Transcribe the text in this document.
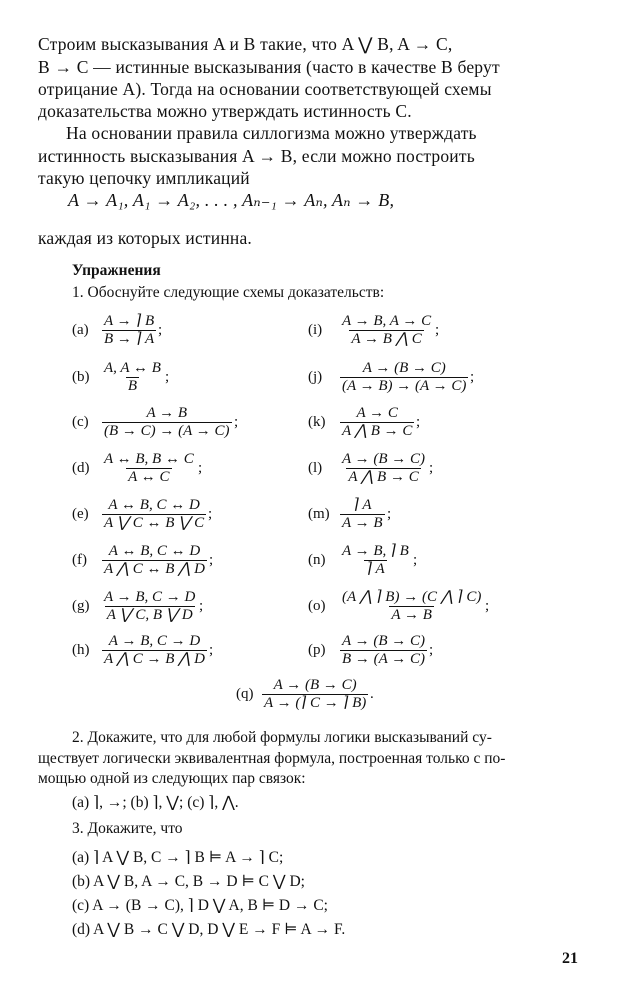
Строим высказывания A и B такие, что A ⋁ B, A → C,
B → C — истинные высказывания (часто в качестве B берут
отрицание A). Тогда на основании соответствующей схемы
доказательства можно утверждать истинность C.
На основании правила силлогизма можно утверждать
истинность высказывания A → B, если можно построить
такую цепочку импликаций
A → A₁, A₁ → A₂, . . . , Aₙ₋₁ → Aₙ, Aₙ → B,
каждая из которых истинна.
Упражнения
1. Обоснуйте следующие схемы доказательств:
$(a) \frac{A \to ⌉ B}{B \to ⌉ A}$ ;
$(b) \frac{A, A \leftrightarrow B}{B}$ ;
$(c) \frac{A \to B}{(B \to C) \to (A \to C)}$ ;
$(d) \frac{A \leftrightarrow B, B \leftrightarrow C}{A \leftrightarrow C}$ ;
$(e) \frac{A \leftrightarrow B, C \leftrightarrow D}{A ⋁ C \leftrightarrow B ⋁ C}$ ;
$(f) \frac{A \leftrightarrow B, C \leftrightarrow D}{A ⋀ C \leftrightarrow B ⋀ D}$ ;
$(g) \frac{A \to B, C \to D}{A ⋁ C, B ⋁ D}$ ;
$(h) \frac{A \to B, C \to D}{A ⋀ C \to B ⋀ D}$ ;
$(i) \frac{A \to B, A \to C}{A \to B ⋀ C}$ ;
$(j) \frac{A \to (B \to C)}{(A \to B) \to (A \to C)}$ ;
$(k) \frac{A \to C}{A ⋀ B \to C}$ ;
$(l) \frac{A \to (B \to C)}{A ⋀ B \to C}$ ;
$(m) \frac{⌉ A}{A \to B}$ ;
$(n) \frac{A \to B, ⌉ B}{⌉ A}$ ;
$(o) \frac{(A ⋀ ⌉ B) \to (C ⋀ ⌉ C)}{A \to B}$ ;
$(p) \frac{A \to (B \to C)}{B \to (A \to C)}$ ;
$(q) \frac{A \to (B \to C)}{A \to (⌉ C \to ⌉ B)}$ .
2. Докажите, что для любой формулы логики высказываний су-
ществует логически эквивалентная формула, построенная только с по-
мощью одной из следующих пар связок:
(a) ⌉, →; (b) ⌉, ⋁; (c) ⌉, ⋀.
3. Докажите, что
(a) ⌉ A ⋁ B, C → ⌉ B ⊨ A → ⌉ C;
(b) A ⋁ B, A → C, B → D ⊨ C ⋁ D;
(c) A → (B → C), ⌉ D ⋁ A, B ⊨ D → C;
(d) A ⋁ B → C ⋁ D, D ⋁ E → F ⊨ A → F.
21
